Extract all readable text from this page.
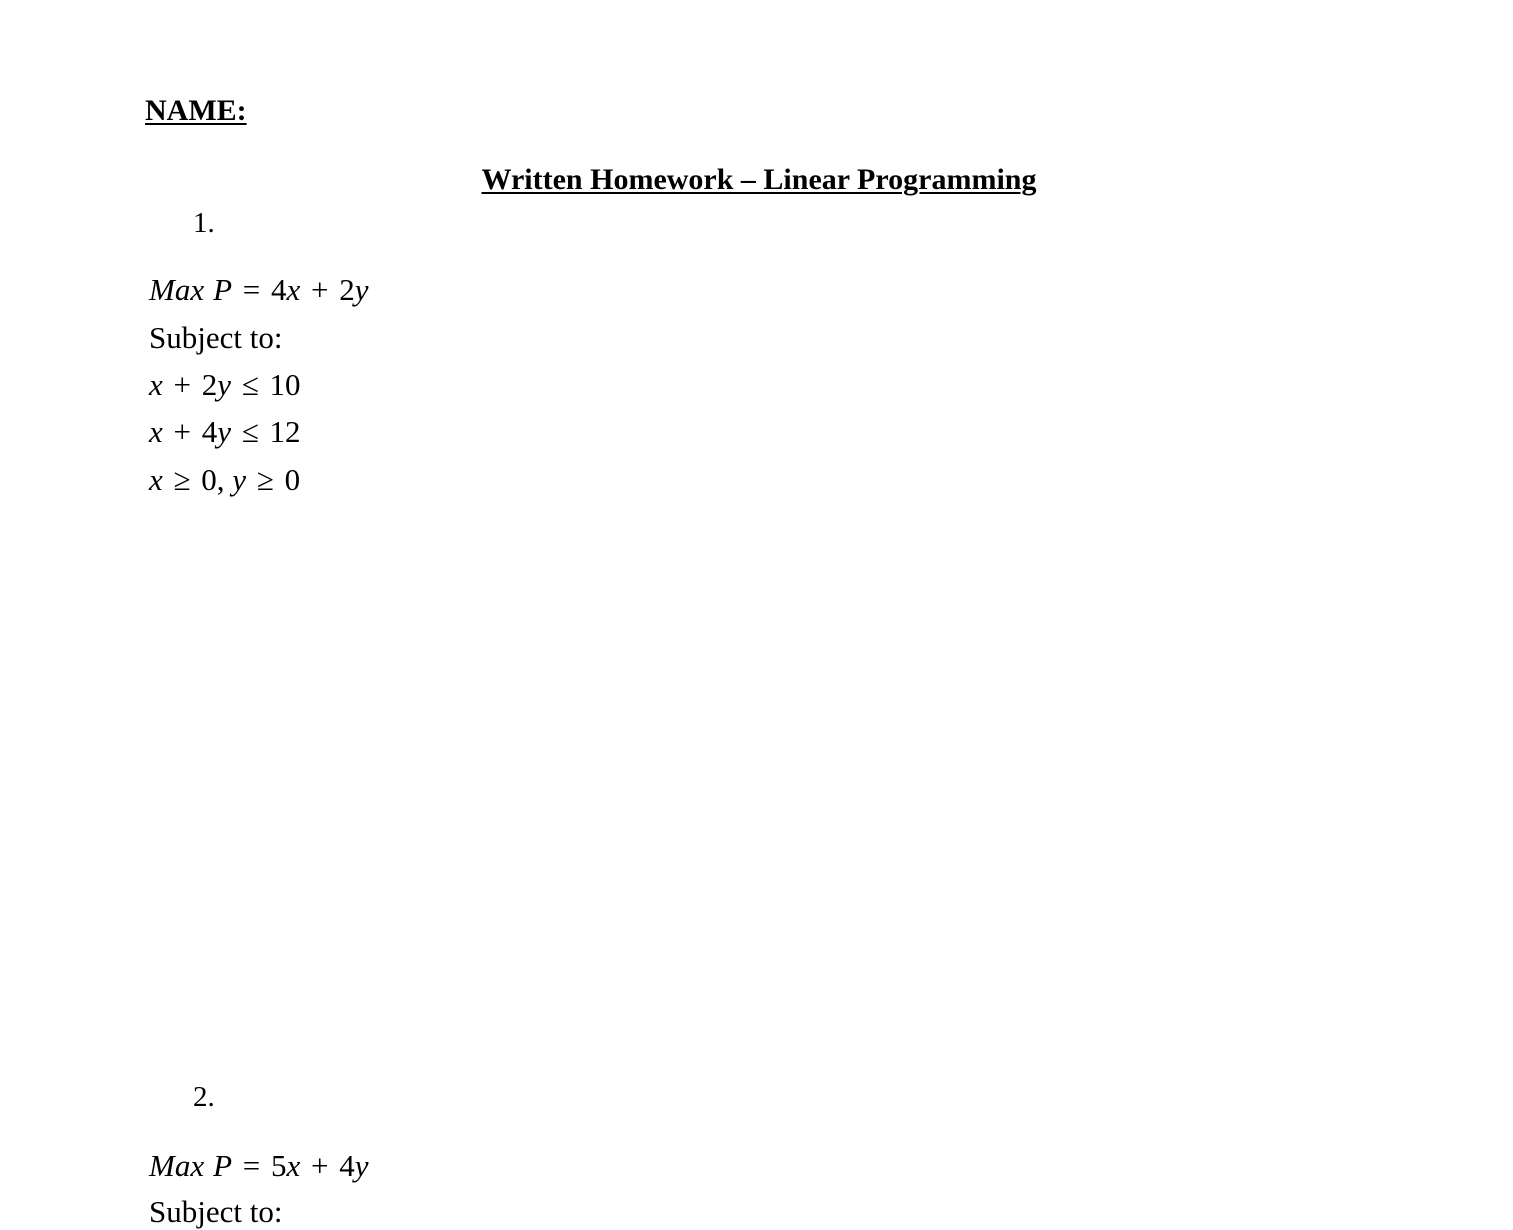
NAME:
Written Homework – Linear Programming
1.
Max P = 4x + 2y
Subject to:
x + 2y ≤ 10
x + 4y ≤ 12
x ≥ 0, y ≥ 0
2.
Max P = 5x + 4y
Subject to:
